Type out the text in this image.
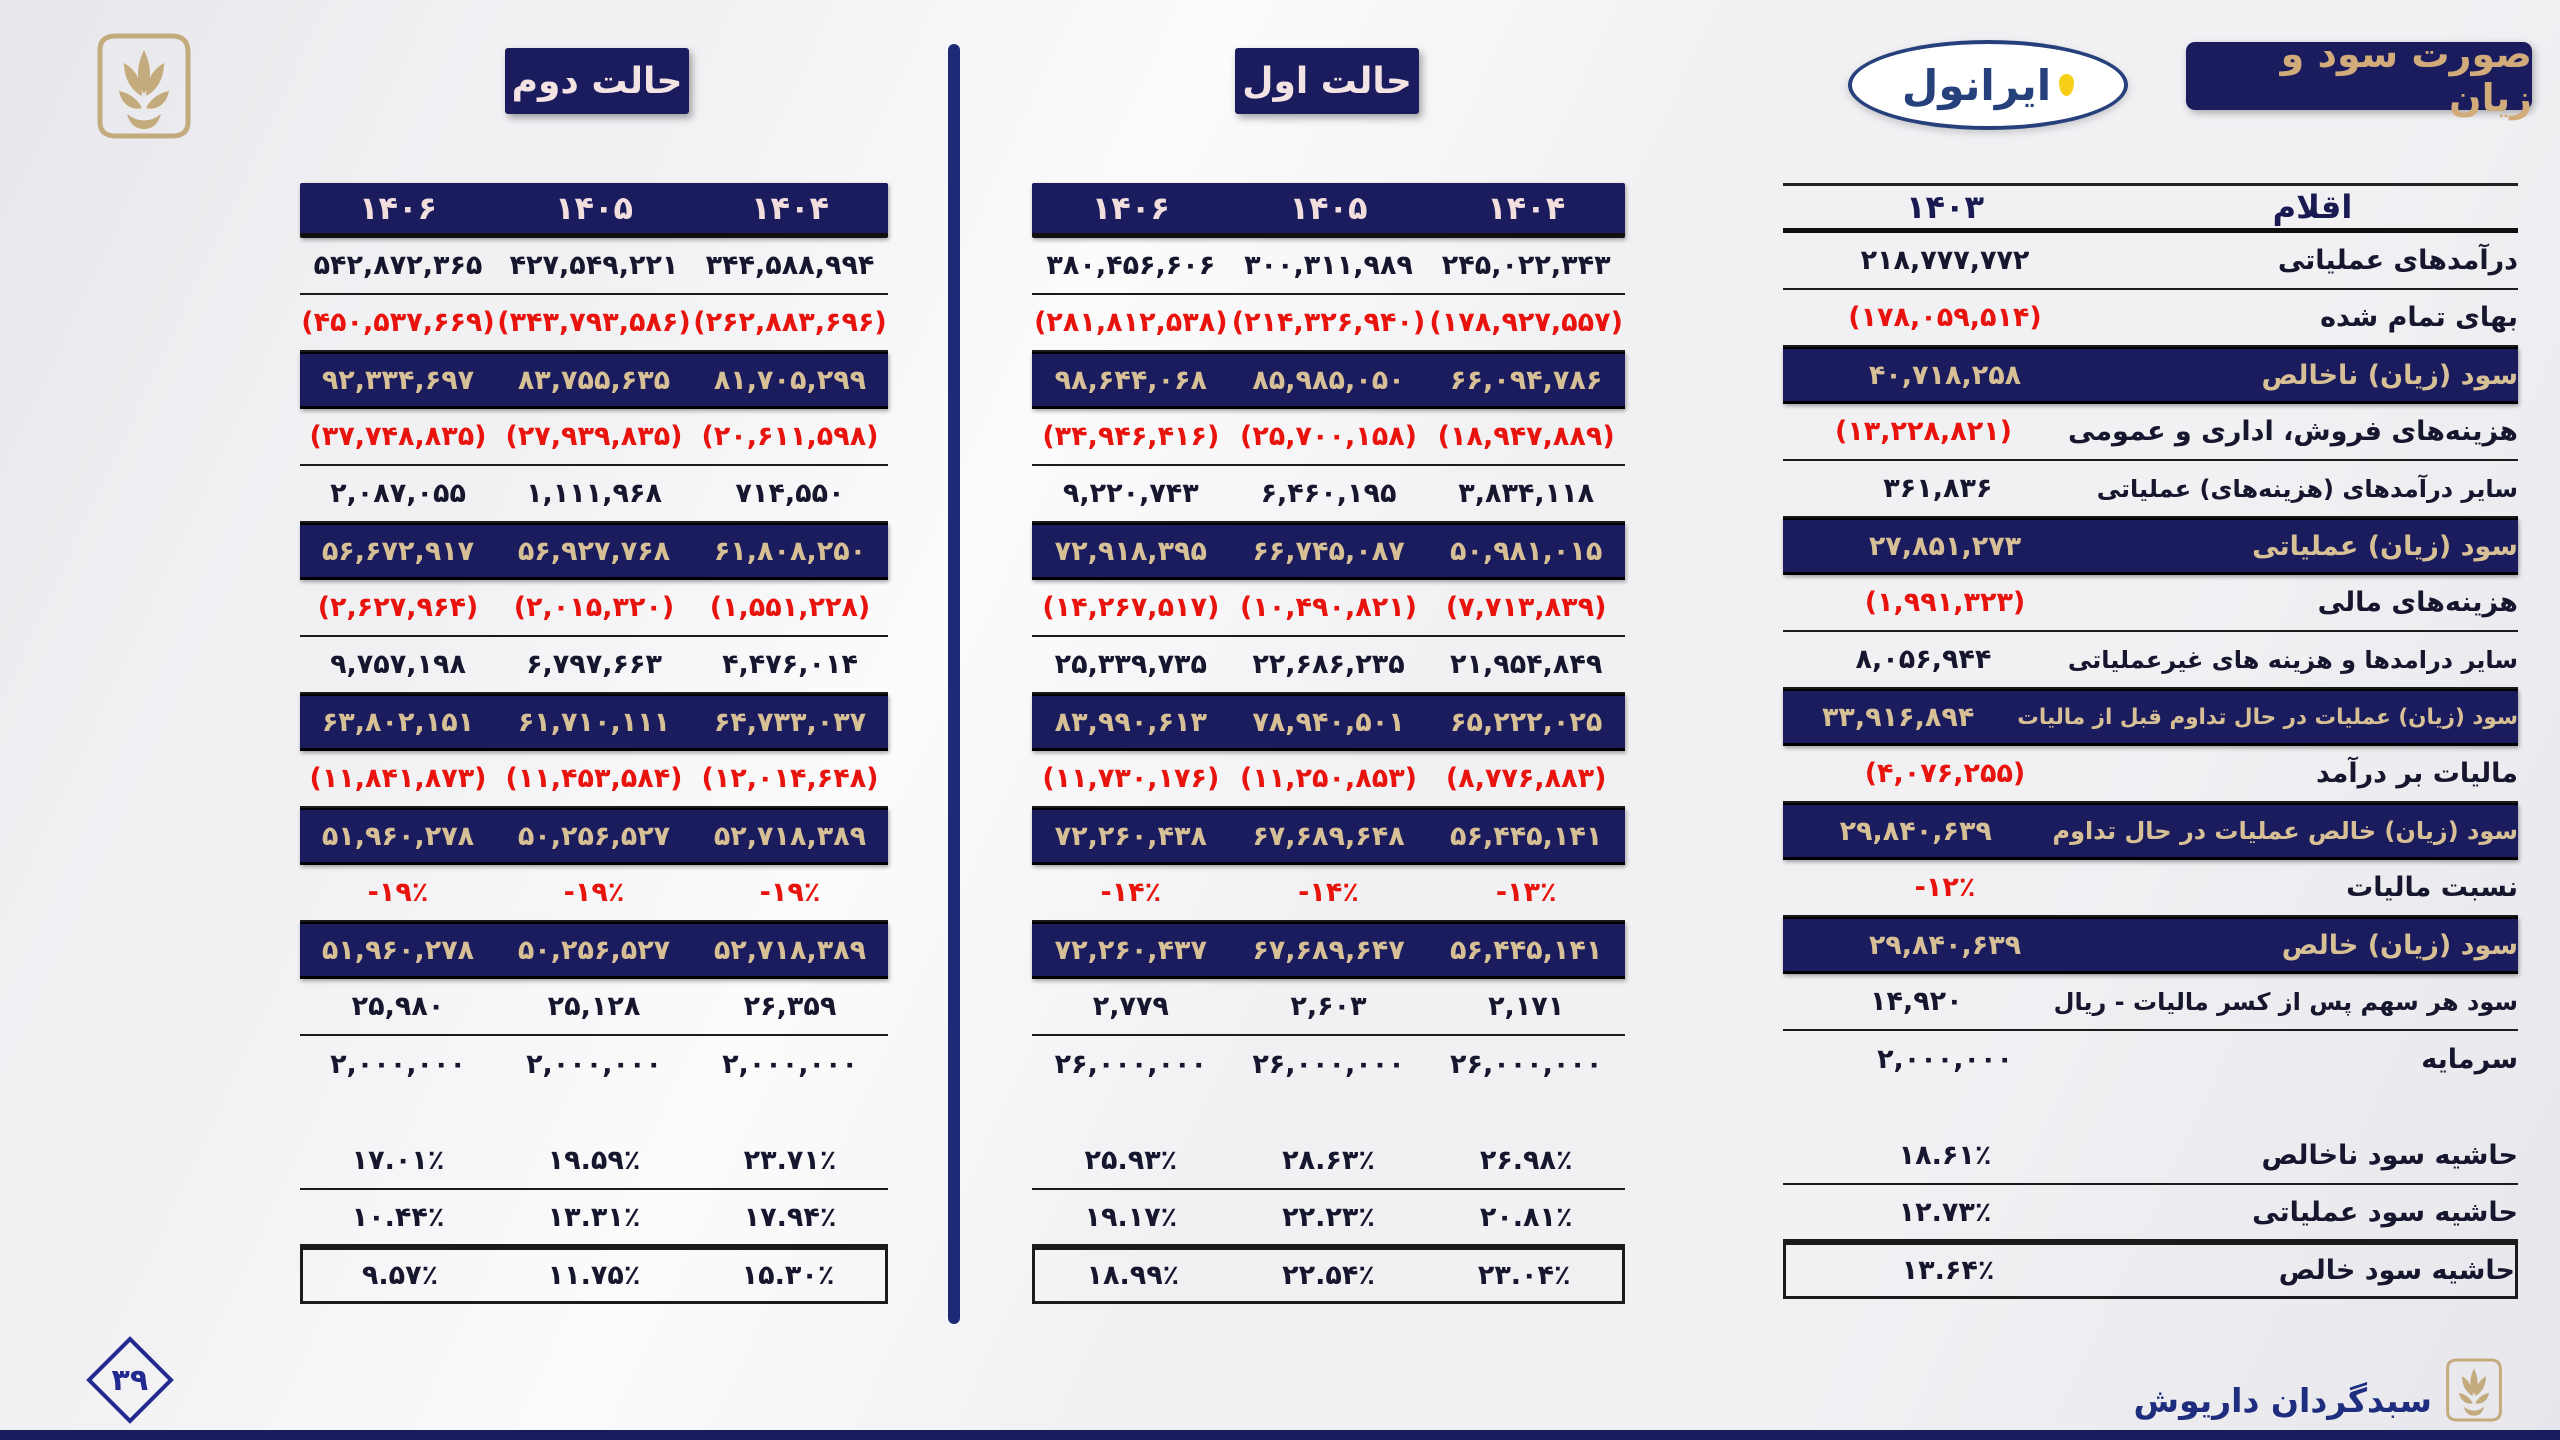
صورت سود و زیان
ایرانول
حالت اول
حالت دوم
۱۴۰۳	اقلام
۲۱۸,۷۷۷,۷۷۲	درآمدهای عملیاتی
(۱۷۸,۰۵۹,۵۱۴)	بهای تمام شده
۴۰,۷۱۸,۲۵۸	سود (زیان) ناخالص
(۱۳,۲۲۸,۸۲۱)	هزینه‌های فروش، اداری و عمومی
۳۶۱,۸۳۶	سایر درآمدهای (هزینه‌های) عملیاتی
۲۷,۸۵۱,۲۷۳	سود (زیان) عملیاتی
(۱,۹۹۱,۳۲۳)	هزینه‌های مالی
۸,۰۵۶,۹۴۴	سایر درامدها و هزینه های غیرعملیاتی
۳۳,۹۱۶,۸۹۴	سود (زیان) عملیات در حال تداوم قبل از مالیات
(۴,۰۷۶,۲۵۵)	مالیات بر درآمد
۲۹,۸۴۰,۶۳۹	سود (زیان) خالص عملیات در حال تداوم
-۱۲٪	نسبت مالیات
۲۹,۸۴۰,۶۳۹	سود (زیان) خالص
۱۴,۹۲۰	سود هر سهم پس از کسر مالیات - ریال
۲,۰۰۰,۰۰۰	سرمایه
۱۸.۶۱٪	حاشیه سود ناخالص
۱۲.۷۳٪	حاشیه سود عملیاتی
۱۳.۶۴٪	حاشیه سود خالص
۱۴۰۶	۱۴۰۵	۱۴۰۴
۳۸۰,۴۵۶,۶۰۶	۳۰۰,۳۱۱,۹۸۹	۲۴۵,۰۲۲,۳۴۳
(۲۸۱,۸۱۲,۵۳۸) (۲۱۴,۳۲۶,۹۴۰) (۱۷۸,۹۲۷,۵۵۷)
۹۸,۶۴۴,۰۶۸	۸۵,۹۸۵,۰۵۰	۶۶,۰۹۴,۷۸۶
(۳۴,۹۴۶,۴۱۶) (۲۵,۷۰۰,۱۵۸) (۱۸,۹۴۷,۸۸۹)
۹,۲۲۰,۷۴۳	۶,۴۶۰,۱۹۵	۳,۸۳۴,۱۱۸
۷۲,۹۱۸,۳۹۵	۶۶,۷۴۵,۰۸۷	۵۰,۹۸۱,۰۱۵
(۱۴,۲۶۷,۵۱۷) (۱۰,۴۹۰,۸۲۱)	(۷,۷۱۳,۸۳۹)
۲۵,۳۳۹,۷۳۵	۲۲,۶۸۶,۲۳۵	۲۱,۹۵۴,۸۴۹
۸۳,۹۹۰,۶۱۳	۷۸,۹۴۰,۵۰۱	۶۵,۲۲۲,۰۲۵
(۱۱,۷۳۰,۱۷۶) (۱۱,۲۵۰,۸۵۳)	(۸,۷۷۶,۸۸۳)
۷۲,۲۶۰,۴۳۸	۶۷,۶۸۹,۶۴۸	۵۶,۴۴۵,۱۴۱
-۱۴٪	-۱۴٪	-۱۳٪
۷۲,۲۶۰,۴۳۷	۶۷,۶۸۹,۶۴۷	۵۶,۴۴۵,۱۴۱
۲,۷۷۹	۲,۶۰۳	۲,۱۷۱
۲۶,۰۰۰,۰۰۰	۲۶,۰۰۰,۰۰۰	۲۶,۰۰۰,۰۰۰
۲۵.۹۳٪	۲۸.۶۳٪	۲۶.۹۸٪
۱۹.۱۷٪	۲۲.۲۳٪	۲۰.۸۱٪
۱۸.۹۹٪	۲۲.۵۴٪	۲۳.۰۴٪
۱۴۰۶	۱۴۰۵	۱۴۰۴
۵۴۲,۸۷۲,۳۶۵	۴۲۷,۵۴۹,۲۲۱	۳۴۴,۵۸۸,۹۹۴
(۴۵۰,۵۳۷,۶۶۹) (۳۴۳,۷۹۳,۵۸۶) (۲۶۲,۸۸۳,۶۹۶)
۹۲,۳۳۴,۶۹۷	۸۳,۷۵۵,۶۳۵	۸۱,۷۰۵,۲۹۹
(۳۷,۷۴۸,۸۳۵) (۲۷,۹۳۹,۸۳۵) (۲۰,۶۱۱,۵۹۸)
۲,۰۸۷,۰۵۵	۱,۱۱۱,۹۶۸	۷۱۴,۵۵۰
۵۶,۶۷۲,۹۱۷	۵۶,۹۲۷,۷۶۸	۶۱,۸۰۸,۲۵۰
(۲,۶۲۷,۹۶۴)	(۲,۰۱۵,۳۲۰)	(۱,۵۵۱,۲۲۸)
۹,۷۵۷,۱۹۸	۶,۷۹۷,۶۶۳	۴,۴۷۶,۰۱۴
۶۳,۸۰۲,۱۵۱	۶۱,۷۱۰,۱۱۱	۶۴,۷۳۳,۰۳۷
(۱۱,۸۴۱,۸۷۳) (۱۱,۴۵۳,۵۸۴) (۱۲,۰۱۴,۶۴۸)
۵۱,۹۶۰,۲۷۸	۵۰,۲۵۶,۵۲۷	۵۲,۷۱۸,۳۸۹
-۱۹٪	-۱۹٪	-۱۹٪
۵۱,۹۶۰,۲۷۸	۵۰,۲۵۶,۵۲۷	۵۲,۷۱۸,۳۸۹
۲۵,۹۸۰	۲۵,۱۲۸	۲۶,۳۵۹
۲,۰۰۰,۰۰۰	۲,۰۰۰,۰۰۰	۲,۰۰۰,۰۰۰
۱۷.۰۱٪	۱۹.۵۹٪	۲۳.۷۱٪
۱۰.۴۴٪	۱۳.۳۱٪	۱۷.۹۴٪
۹.۵۷٪	۱۱.۷۵٪	۱۵.۳۰٪
۳۹
سبدگردان داریوش
